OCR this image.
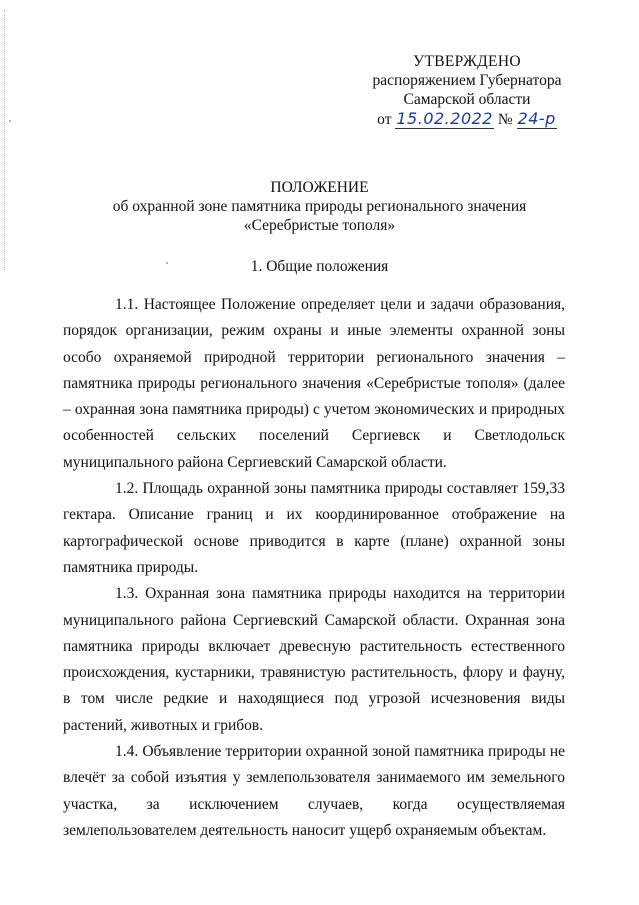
УТВЕРЖДЕНО
распоряжением Губернатора
Самарской области
от 15.02.2022 № 24-р
ПОЛОЖЕНИЕ
об охранной зоне памятника природы регионального значения
«Серебристые тополя»
1. Общие положения

1.1. Настоящее Положение определяет цели и задачи образования, порядок организации, режим охраны и иные элементы охранной зоны особо охраняемой природной территории регионального значения – памятника природы регионального значения «Серебристые тополя» (далее – охранная зона памятника природы) с учетом экономических и природных особенностей сельских поселений Сергиевск и Светлодольск муниципального района Сергиевский Самарской области.

1.2. Площадь охранной зоны памятника природы составляет 159,33 гектара. Описание границ и их координированное отображение на картографической основе приводится в карте (плане) охранной зоны памятника природы.

1.3. Охранная зона памятника природы находится на территории муниципального района Сергиевский Самарской области. Охранная зона памятника природы включает древесную растительность естественного происхождения, кустарники, травянистую растительность, флору и фауну, в том числе редкие и находящиеся под угрозой исчезновения виды растений, животных и грибов.

1.4. Объявление территории охранной зоной памятника природы не влечёт за собой изъятия у землепользователя занимаемого им земельного участка, за исключением случаев, когда осуществляемая землепользователем деятельность наносит ущерб охраняемым объектам.
